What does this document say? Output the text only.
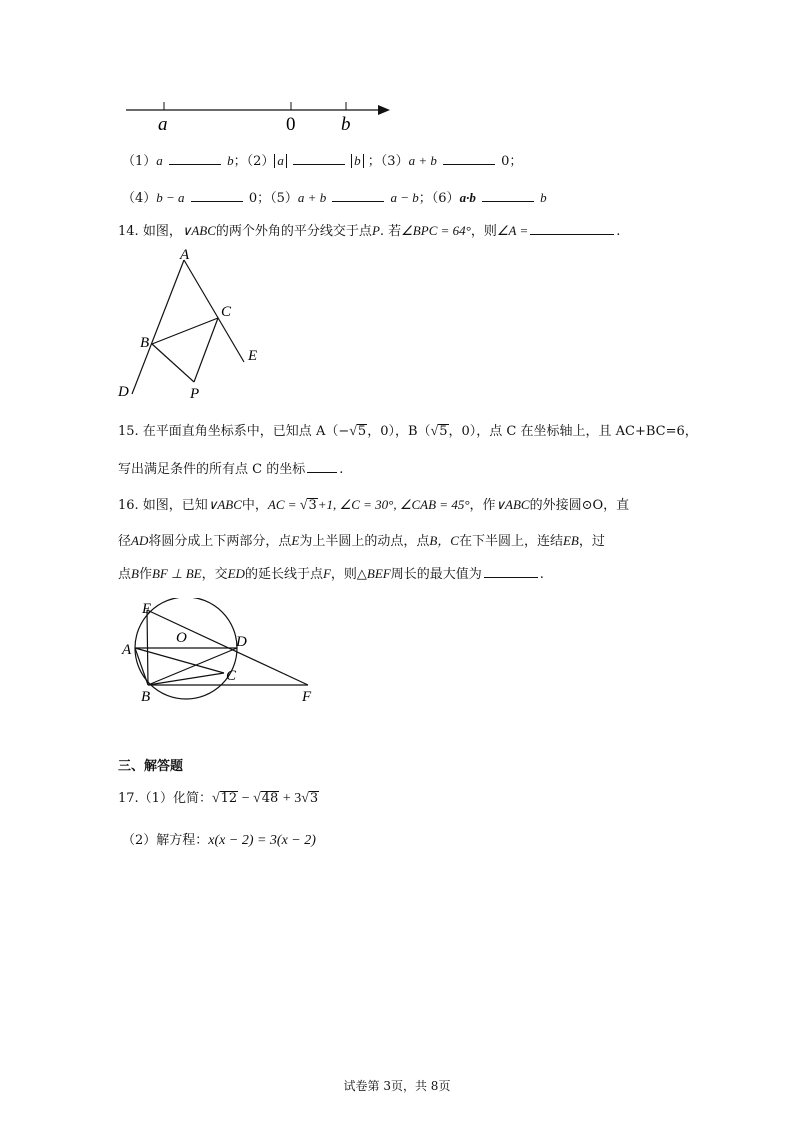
a	0 b
（1）a	b；（2） a	b ；（3）a + b	0；
（4）b − a	0；（5）a + b	a − b；（6）a·b	b
14. 如图，∨ABC的两个外角的平分线交于点P. 若∠BPC = 64°，则∠A =	.
A
B
C
D
E
P
15. 在平面直角坐标系中，已知点 A（−√5，0），B（√5，0），点 C 在坐标轴上，且 AC+BC=6，
写出满足条件的所有点 C 的坐标	.
16. 如图，已知∨ABC中，AC = √3+1, ∠C = 30°, ∠CAB = 45°，作∨ABC的外接圆⊙O，直
径AD将圆分成上下两部分，点E为上半圆上的动点，点B，C在下半圆上，连结EB，过
点B作BF ⊥ BE，交ED的延长线于点F，则△BEF周长的最大值为	.
E
O	D
A
B
C
F
三、解答题
17.（1）化简：√12 − √48 + 3√3
（2）解方程：x(x − 2) = 3(x − 2)
试卷第 3页，共 8页
